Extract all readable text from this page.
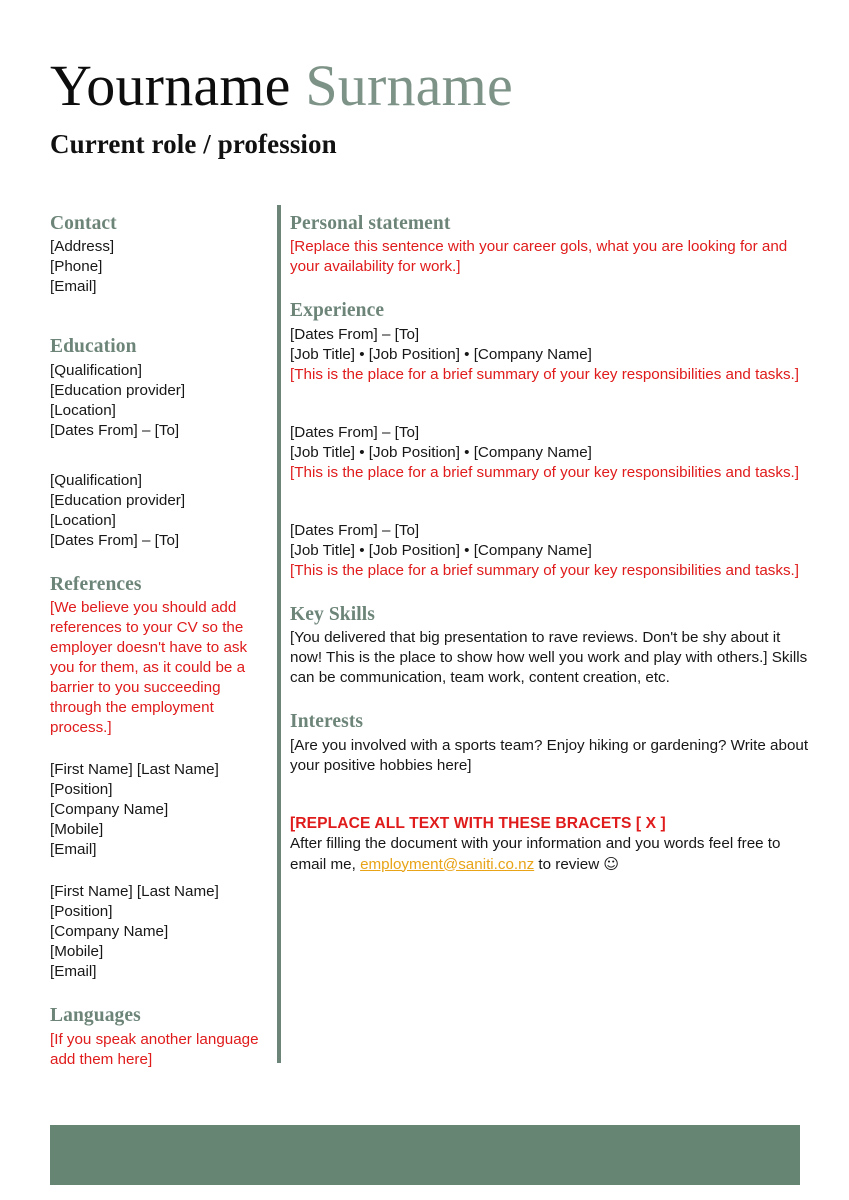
Yourname Surname
Current role / profession
Contact
[Address]
[Phone]
[Email]
Education
[Qualification]
[Education provider]
[Location]
[Dates From] – [To]
[Qualification]
[Education provider]
[Location]
[Dates From] – [To]
References
[We believe you should add references to your CV so the employer doesn't have to ask you for them, as it could be a barrier to you succeeding through the employment process.]
[First Name] [Last Name]
[Position]
[Company Name]
[Mobile]
[Email]
[First Name] [Last Name]
[Position]
[Company Name]
[Mobile]
[Email]
Languages
[If you speak another language add them here]
Personal statement
[Replace this sentence with your career gols, what you are looking for and your availability for work.]
Experience
[Dates From] – [To]
[Job Title] • [Job Position] • [Company Name]
[This is the place for a brief summary of your key responsibilities and tasks.]
[Dates From] – [To]
[Job Title] • [Job Position] • [Company Name]
[This is the place for a brief summary of your key responsibilities and tasks.]
[Dates From] – [To]
[Job Title] • [Job Position] • [Company Name]
[This is the place for a brief summary of your key responsibilities and tasks.]
Key Skills
[You delivered that big presentation to rave reviews. Don't be shy about it now! This is the place to show how well you work and play with others.] Skills can be communication, team work, content creation, etc.
Interests
[Are you involved with a sports team? Enjoy hiking or gardening? Write about your positive hobbies here]
[REPLACE ALL TEXT WITH THESE BRACETS [ X ]
After filling the document with your information and you words feel free to email me, employment@saniti.co.nz to review ☺
